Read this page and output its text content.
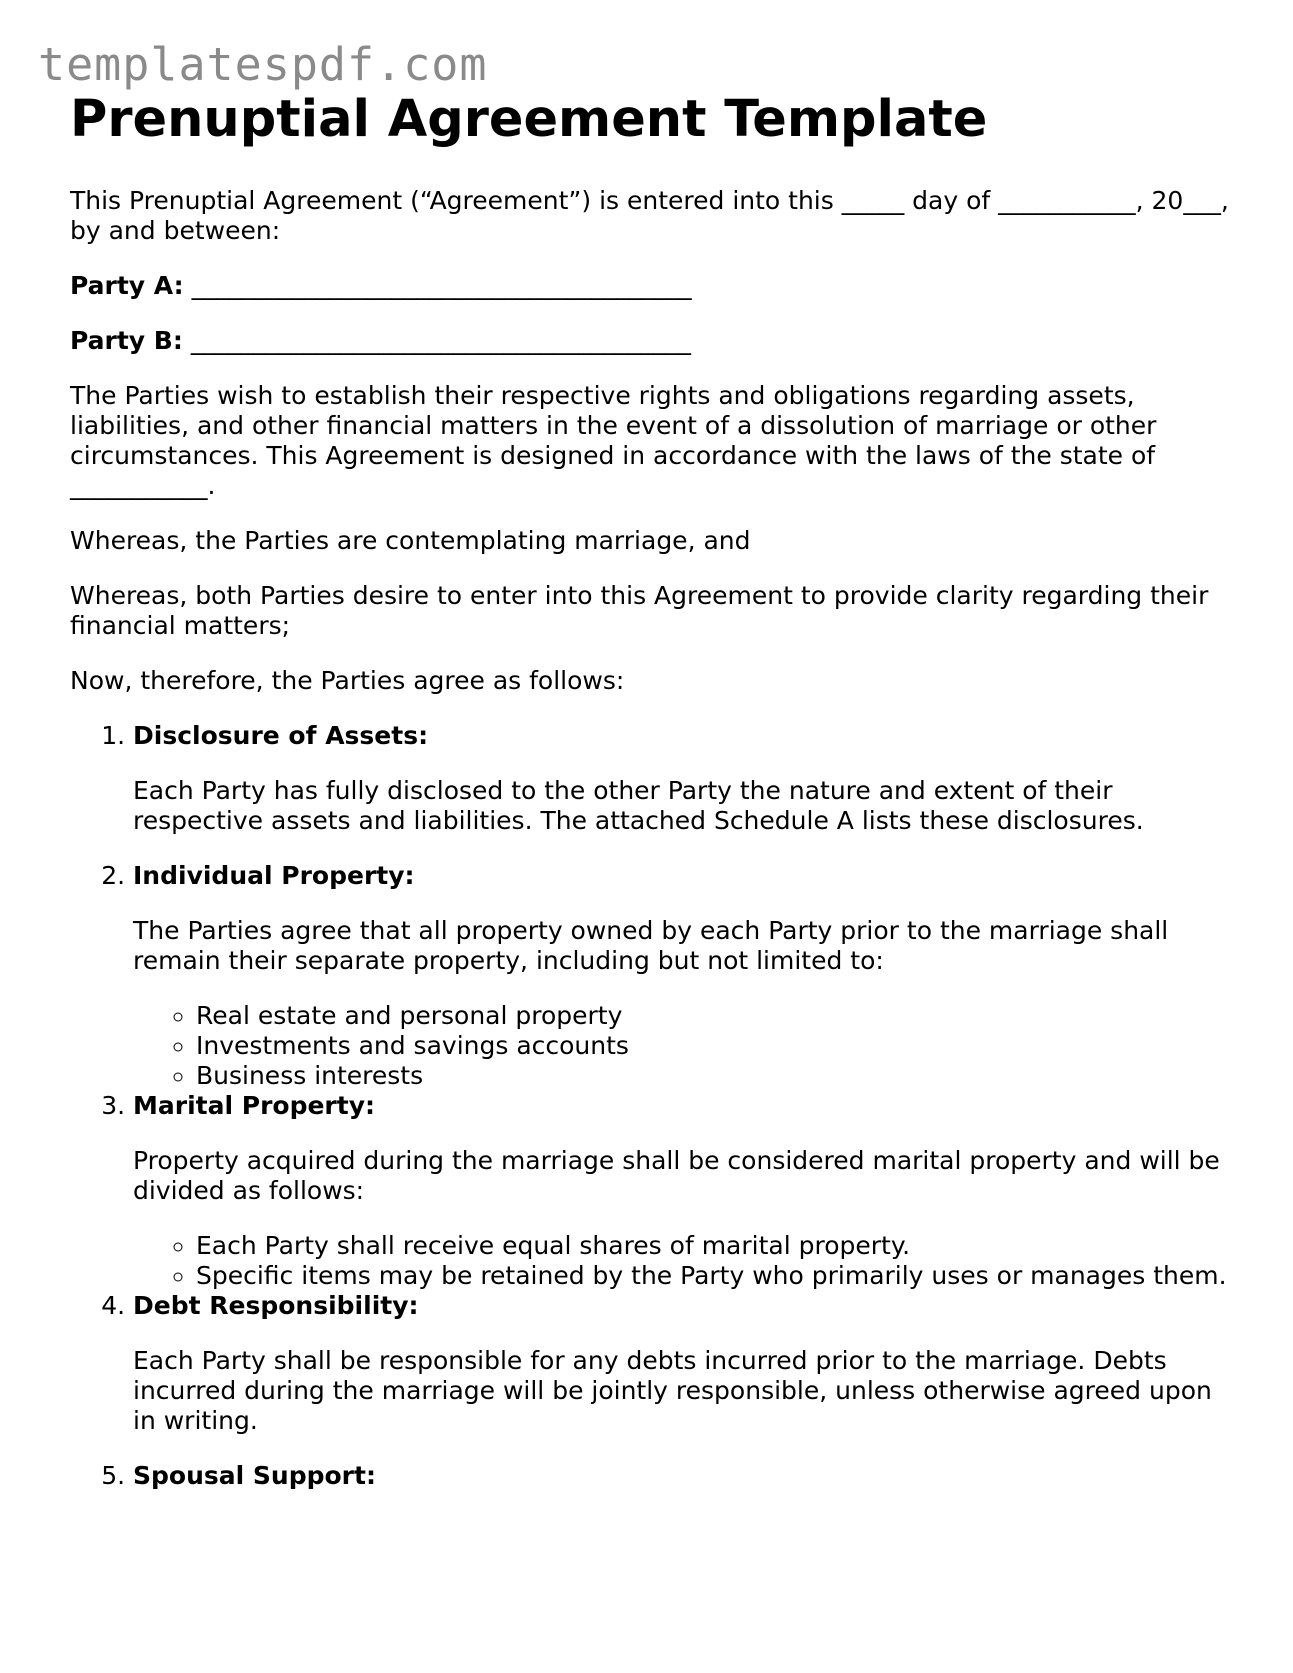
templatespdf.com
Prenuptial Agreement Template

This Prenuptial Agreement (“Agreement”) is entered into this _____ day of ___________, 20___, by and between:

Party A: ________________________________________

Party B: ________________________________________

The Parties wish to establish their respective rights and obligations regarding assets, liabilities, and other financial matters in the event of a dissolution of marriage or other circumstances. This Agreement is designed in accordance with the laws of the state of ___________.

Whereas, the Parties are contemplating marriage, and

Whereas, both Parties desire to enter into this Agreement to provide clarity regarding their financial matters;

Now, therefore, the Parties agree as follows:

1. Disclosure of Assets:
Each Party has fully disclosed to the other Party the nature and extent of their respective assets and liabilities. The attached Schedule A lists these disclosures.
2. Individual Property:
The Parties agree that all property owned by each Party prior to the marriage shall remain their separate property, including but not limited to:
◦ Real estate and personal property
◦ Investments and savings accounts
◦ Business interests
3. Marital Property:
Property acquired during the marriage shall be considered marital property and will be divided as follows:
◦ Each Party shall receive equal shares of marital property.
◦ Specific items may be retained by the Party who primarily uses or manages them.
4. Debt Responsibility:
Each Party shall be responsible for any debts incurred prior to the marriage. Debts incurred during the marriage will be jointly responsible, unless otherwise agreed upon in writing.
5. Spousal Support:
